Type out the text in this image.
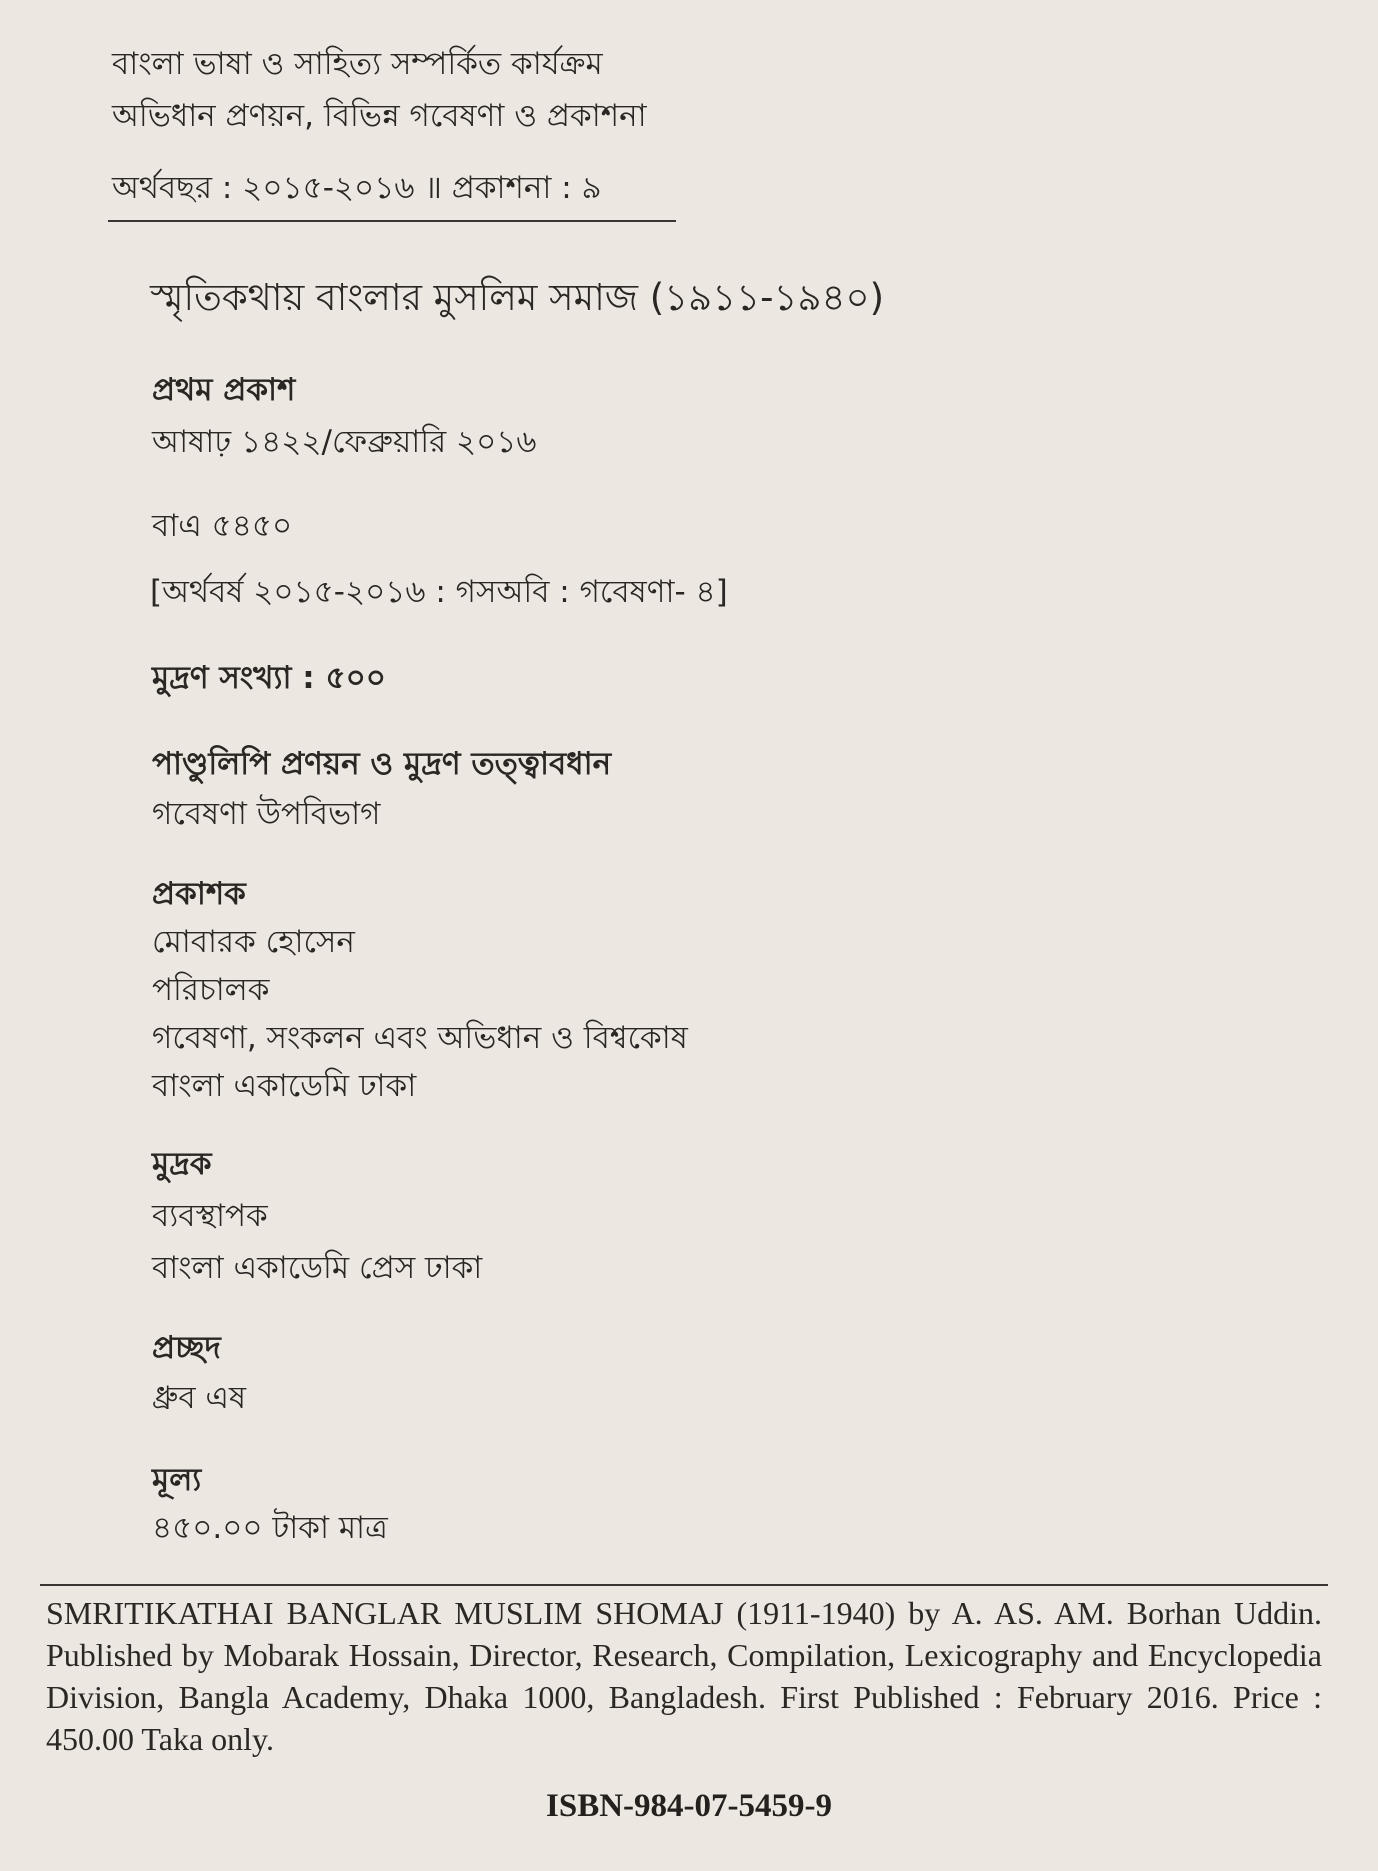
বাংলা ভাষা ও সাহিত্য সম্পর্কিত কার্যক্রম
অভিধান প্রণয়ন, বিভিন্ন গবেষণা ও প্রকাশনা
অর্থবছর : ২০১৫-২০১৬ ॥ প্রকাশনা : ৯
স্মৃতিকথায় বাংলার মুসলিম সমাজ (১৯১১-১৯৪০)
প্রথম প্রকাশ
আষাঢ় ১৪২২/ফেব্রুয়ারি ২০১৬
বাএ ৫৪৫০
[অর্থবর্ষ ২০১৫-২০১৬ : গসঅবি : গবেষণা- ৪]
মুদ্রণ সংখ্যা : ৫০০
পাণ্ডুলিপি প্রণয়ন ও মুদ্রণ তত্ত্বাবধান
গবেষণা উপবিভাগ
প্রকাশক
মোবারক হোসেন
পরিচালক
গবেষণা, সংকলন এবং অভিধান ও বিশ্বকোষ
বাংলা একাডেমি ঢাকা
মুদ্রক
ব্যবস্থাপক
বাংলা একাডেমি প্রেস ঢাকা
প্রচ্ছদ
ধ্রুব এষ
মূল্য
৪৫০.০০ টাকা মাত্র
SMRITIKATHAI BANGLAR MUSLIM SHOMAJ (1911-1940) by A. AS. AM. Borhan Uddin. Published by Mobarak Hossain, Director, Research, Compilation, Lexicography and Encyclopedia Division, Bangla Academy, Dhaka 1000, Bangladesh. First Published : February 2016. Price : 450.00 Taka only.
ISBN-984-07-5459-9
